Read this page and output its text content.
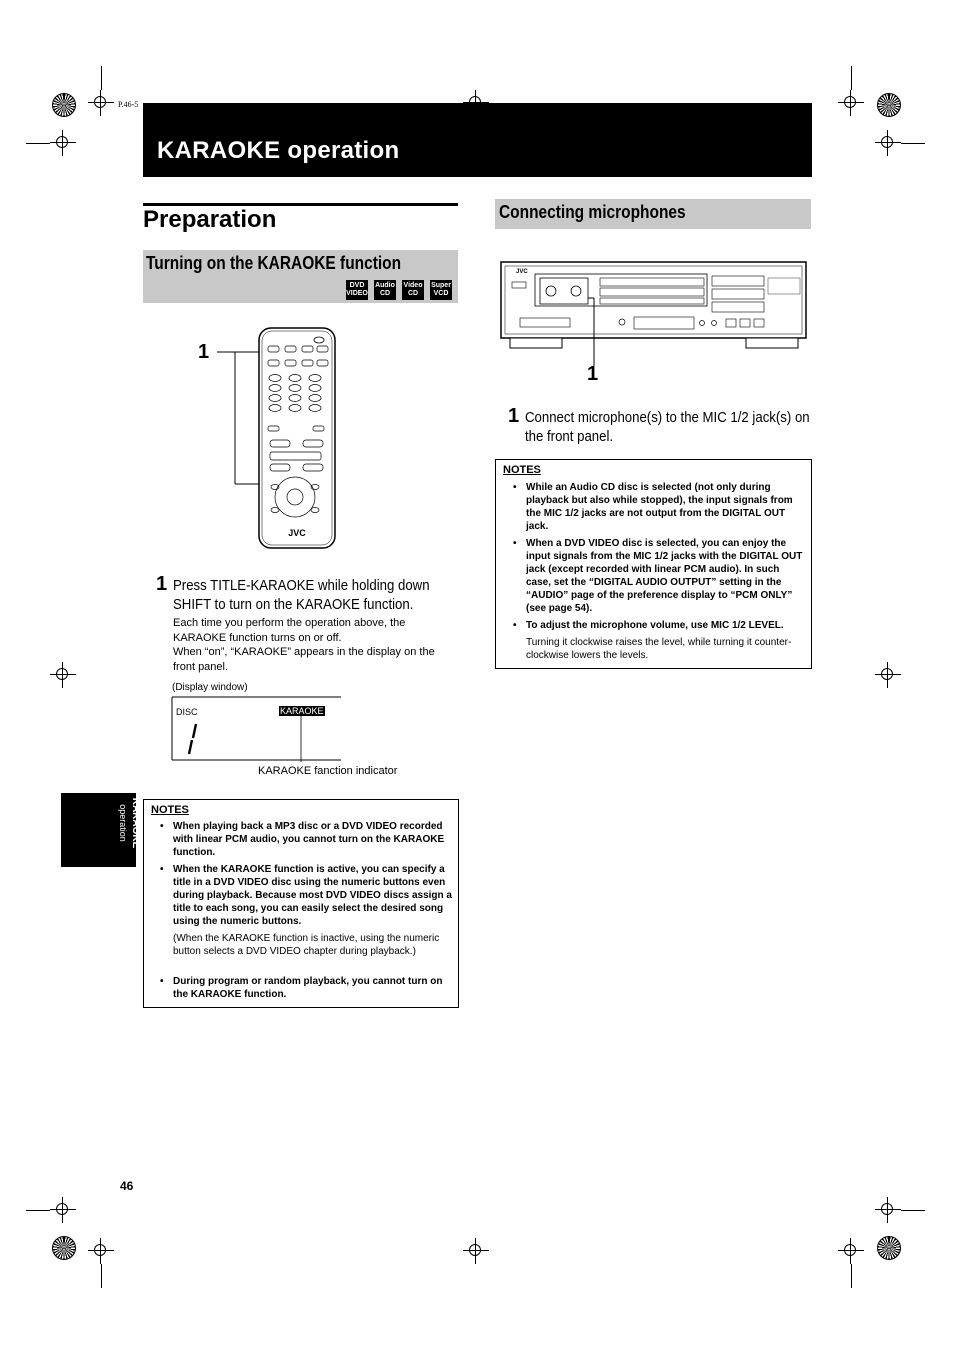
P.46-5
KARAOKE operation
Preparation
Turning on the KARAOKE function
DVD
VIDEO
Audio
CD
Video
CD
Super
VCD
JVC
1
1 Press TITLE-KARAOKE while holding down SHIFT to turn on the KARAOKE function.
Each time you perform the operation above, the KARAOKE function turns on or off.
When “on”, “KARAOKE” appears in the display on the front panel.
(Display window)
DISC	KARAOKE
KARAOKE fanction indicator
NOTES
• When playing back a MP3 disc or a DVD VIDEO recorded with linear PCM audio, you cannot turn on the KARAOKE function.
• When the KARAOKE function is active, you can specify a title in a DVD VIDEO disc using the numeric buttons even during playback. Because most DVD VIDEO discs assign a title to each song, you can easily select the desired song using the numeric buttons.
(When the KARAOKE function is inactive, using the numeric button selects a DVD VIDEO chapter during playback.)
• During program or random playback, you cannot turn on the KARAOKE function.
Connecting microphones
JVC
1
1 Connect microphone(s) to the MIC 1/2 jack(s) on the front panel.
NOTES
• While an Audio CD disc is selected (not only during playback but also while stopped), the input signals from the MIC 1/2 jacks are not output from the DIGITAL OUT jack.
• When a DVD VIDEO disc is selected, you can enjoy the input signals from the MIC 1/2 jacks with the DIGITAL OUT jack (except recorded with linear PCM audio). In such case, set the “DIGITAL AUDIO OUTPUT” setting in the “AUDIO” page of the preference display to “PCM ONLY” (see page 54).
• To adjust the microphone volume, use MIC 1/2 LEVEL.
Turning it clockwise raises the level, while turning it counter-clockwise lowers the levels.
KARAOKE
operation
46
